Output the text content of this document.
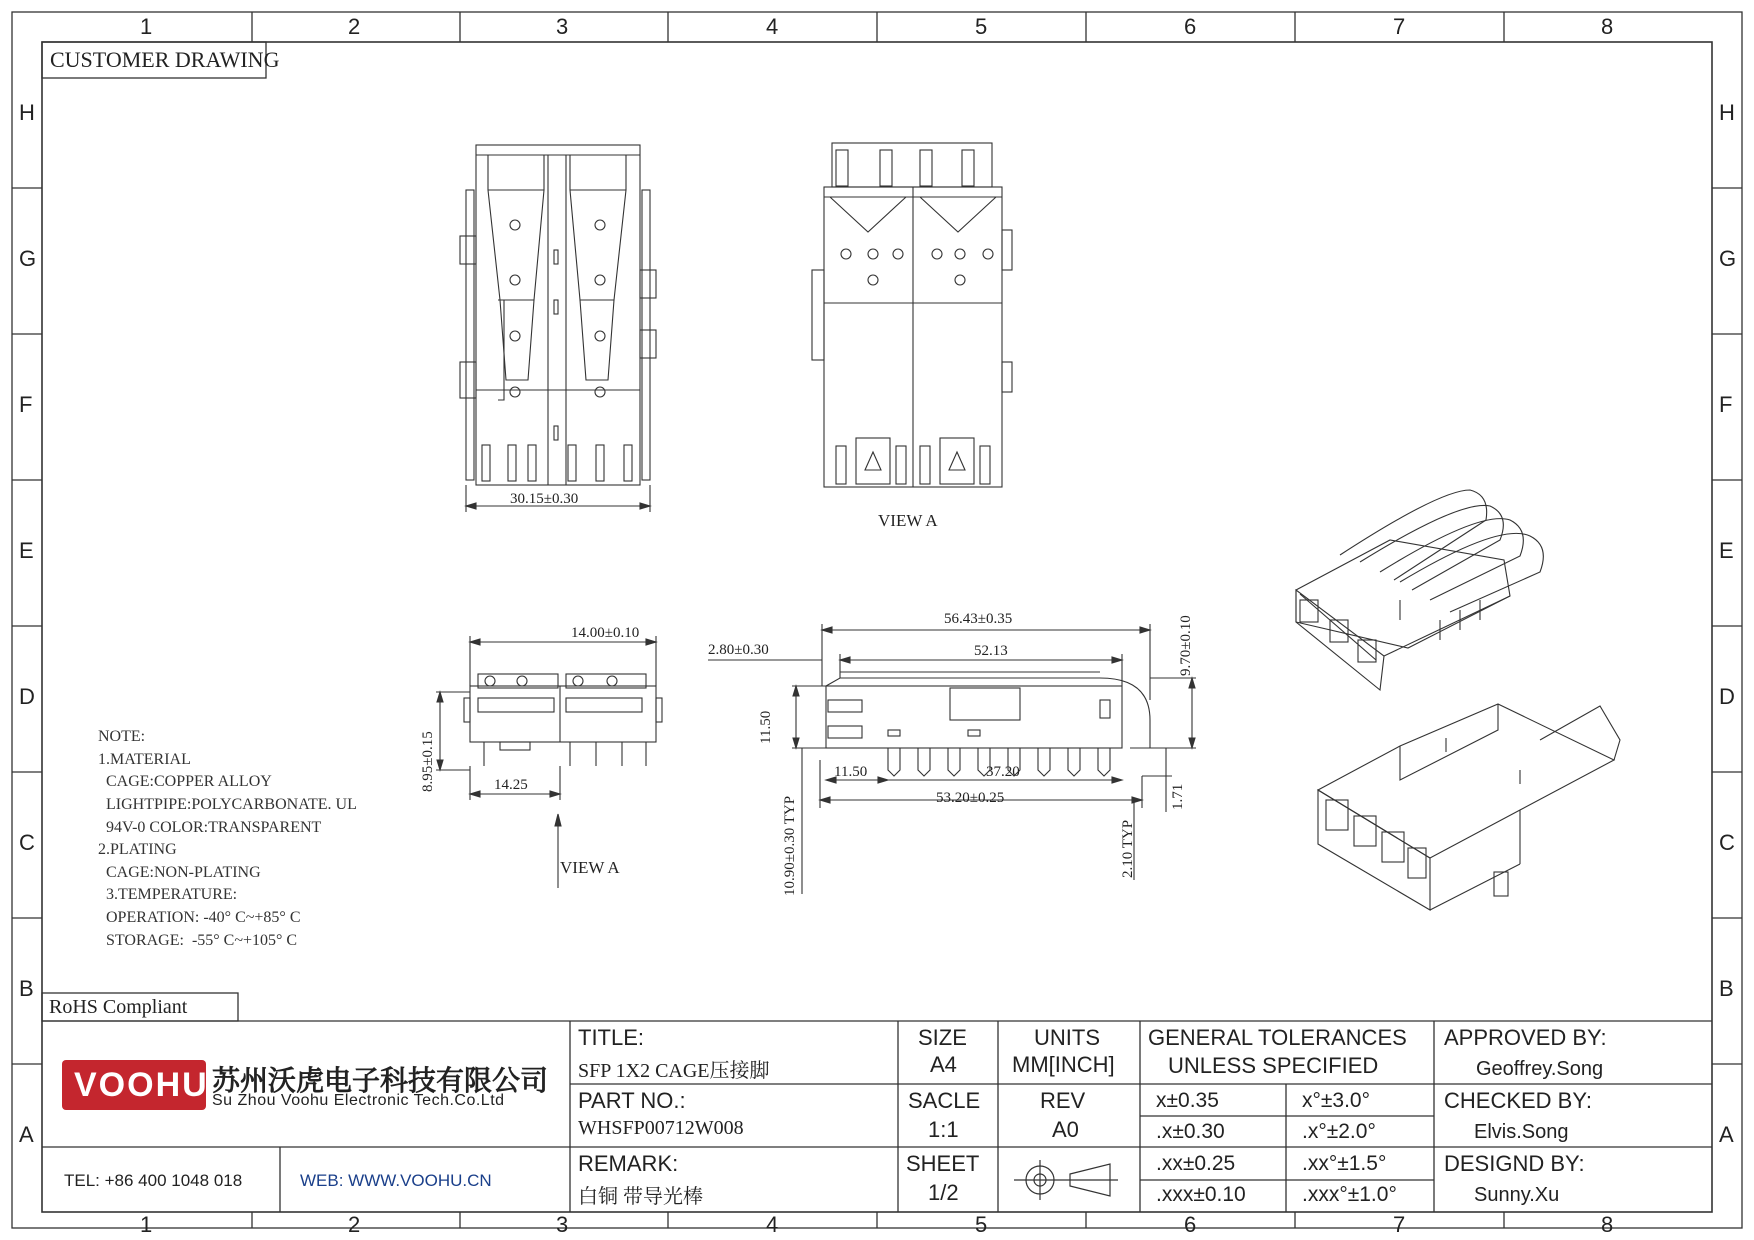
1	2	3	4	5	6	7	8
1	2	3	4	5	6	7	8
H
G
F
E
D
C
B
A
H
G
F
E
D
C
B
A
CUSTOMER DRAWING
RoHS Compliant
30.15±0.30
VIEW A
14.00±0.10
14.25
8.95±0.15
VIEW A
56.43±0.35
52.13
2.80±0.30
11.50
9.70±0.10
11.50	37.20
53.20±0.25
10.90±0.30 TYP	1.71
2.10 TYP
NOTE:
1.MATERIAL
CAGE:COPPER ALLOY
LIGHTPIPE:POLYCARBONATE. UL
94V-0 COLOR:TRANSPARENT
2.PLATING
CAGE:NON-PLATING
3.TEMPERATURE:
OPERATION: -40° C~+85° C
STORAGE:  -55° C~+105° C
VOOHU 苏州沃虎电子科技有限公司
Su Zhou Voohu Electronic Tech.Co.Ltd
TEL: +86 400 1048 018	WEB: WWW.VOOHU.CN
TITLE:
SFP 1X2 CAGE压接脚
PART NO.:
WHSFP00712W008
REMARK:
白铜 带导光棒
SIZE
A4
UNITS
MM[INCH]
SACLE
1:1
REV
A0
SHEET
1/2
GENERAL TOLERANCES
UNLESS SPECIFIED
x±0.35	x°±3.0°
.x±0.30	.x°±2.0°
.xx±0.25	.xx°±1.5°
.xxx±0.10	.xxx°±1.0°
APPROVED BY:
Geoffrey.Song
CHECKED BY:
Elvis.Song
DESIGND BY:
Sunny.Xu
